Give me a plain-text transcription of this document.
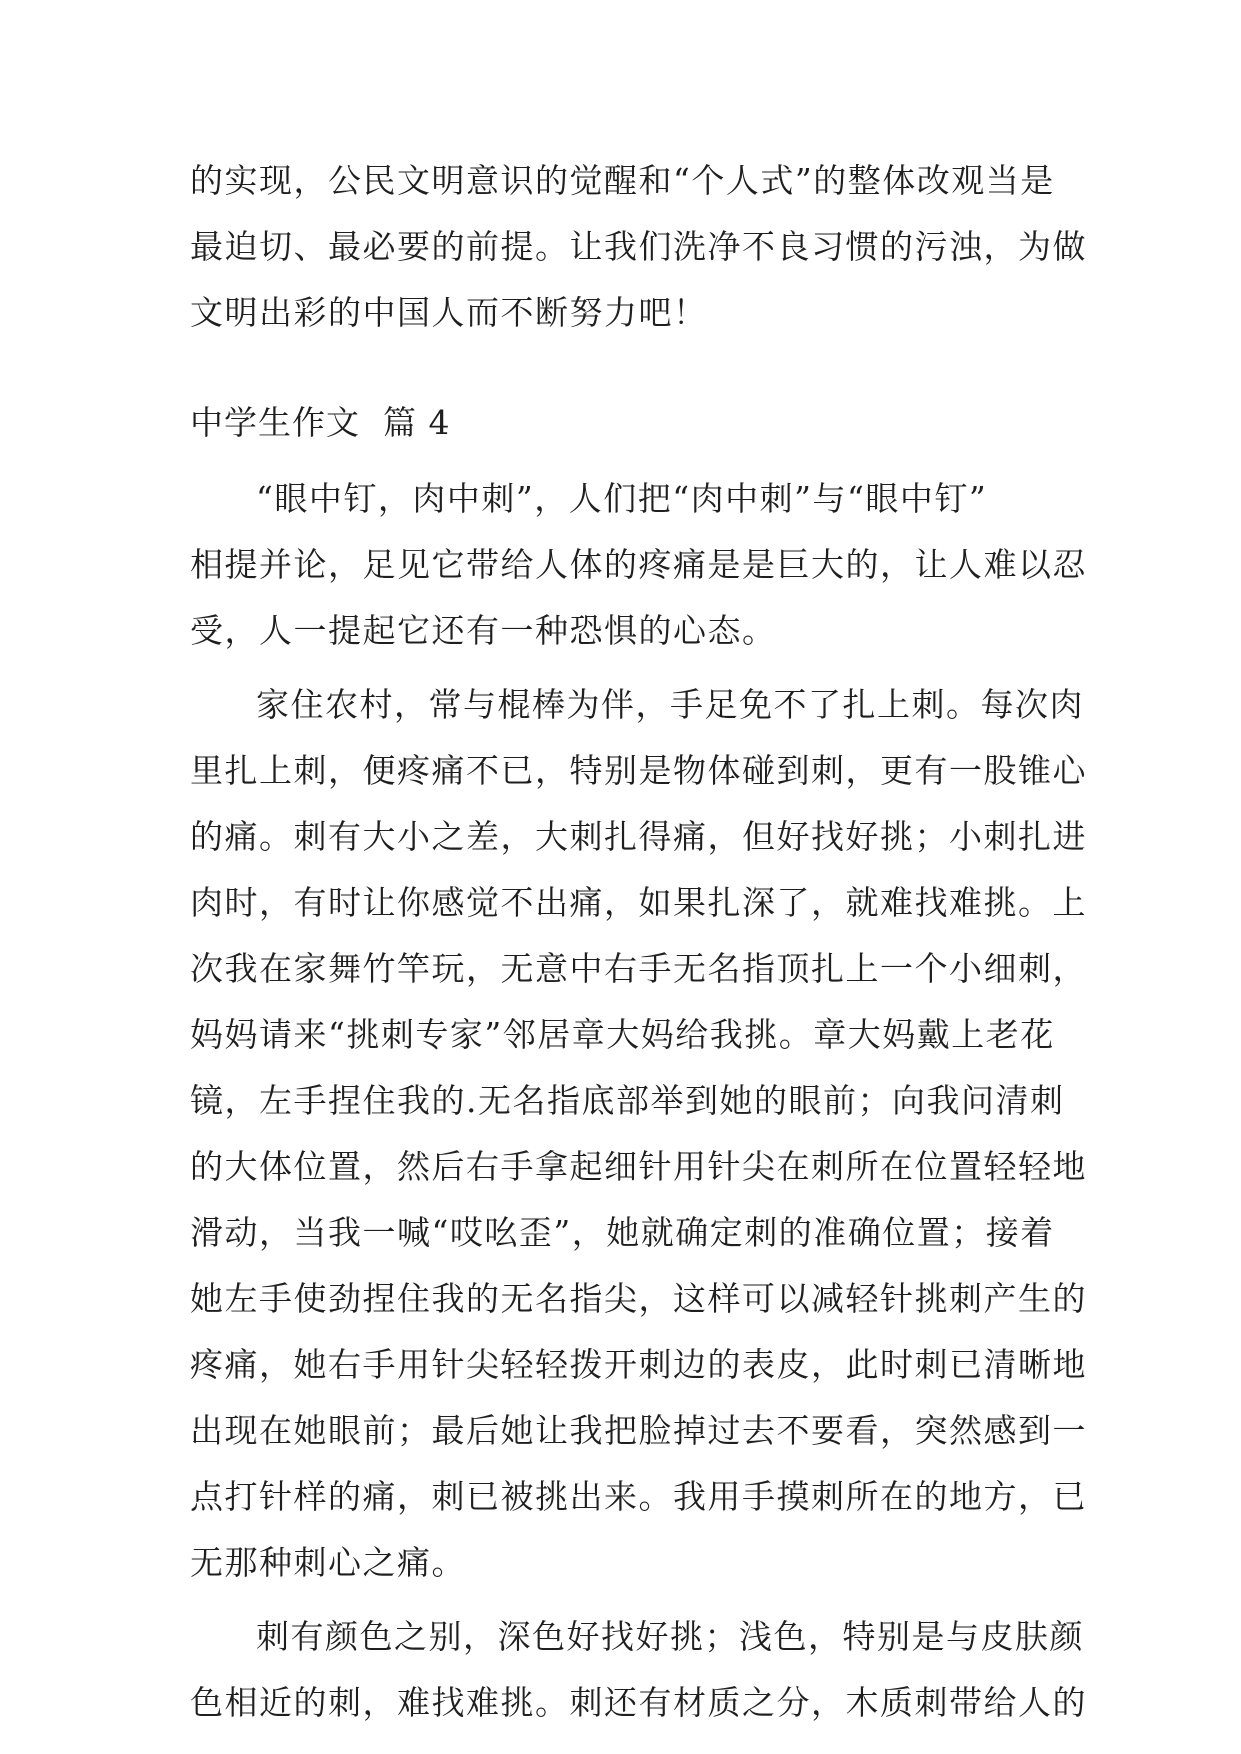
的实现，公民文明意识的觉醒和“个人式”的整体改观当是
最迫切、最必要的前提。让我们洗净不良习惯的污浊，为做
文明出彩的中国人而不断努力吧！
中学生作文  篇 4

“眼中钉，肉中刺”，人们把“肉中刺”与“眼中钉”
相提并论，足见它带给人体的疼痛是是巨大的，让人难以忍
受，人一提起它还有一种恐惧的心态。

家住农村，常与棍棒为伴，手足免不了扎上刺。每次肉
里扎上刺，便疼痛不已，特别是物体碰到刺，更有一股锥心
的痛。刺有大小之差，大刺扎得痛，但好找好挑；小刺扎进
肉时，有时让你感觉不出痛，如果扎深了，就难找难挑。上
次我在家舞竹竿玩，无意中右手无名指顶扎上一个小细刺，
妈妈请来“挑刺专家”邻居章大妈给我挑。章大妈戴上老花
镜，左手捏住我的.无名指底部举到她的眼前；向我问清刺
的大体位置，然后右手拿起细针用针尖在刺所在位置轻轻地
滑动，当我一喊“哎吆歪”，她就确定刺的准确位置；接着
她左手使劲捏住我的无名指尖，这样可以减轻针挑刺产生的
疼痛，她右手用针尖轻轻拨开刺边的表皮，此时刺已清晰地
出现在她眼前；最后她让我把脸掉过去不要看，突然感到一
点打针样的痛，刺已被挑出来。我用手摸刺所在的地方，已
无那种刺心之痛。

刺有颜色之别，深色好找好挑；浅色，特别是与皮肤颜
色相近的刺，难找难挑。刺还有材质之分，木质刺带给人的
